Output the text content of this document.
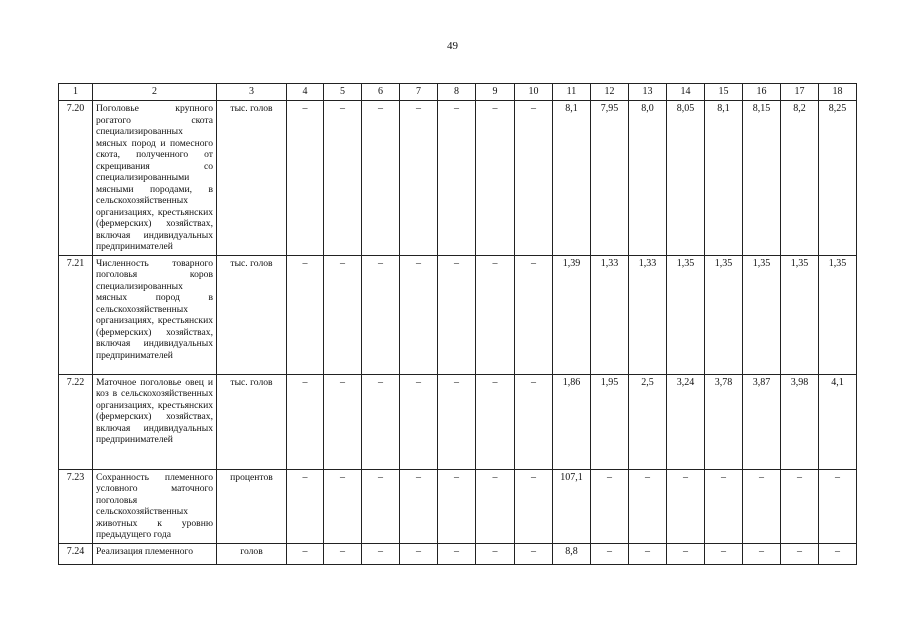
49
1	2	3	4	5	6	7	8	9	10	11	12	13	14	15	16	17	18
7.20	Поголовье крупного рогатого скота специализированных мясных пород и помесного скота, полученного от скрещивания со специализированными мясными породами, в сельскохозяйственных организациях, крестьянских (фермерских) хозяйствах, включая индивидуальных предпринимателей	тыс. голов	–	–	–	–	–	–	–	8,1	7,95	8,0	8,05	8,1	8,15	8,2	8,25
7.21	Численность товарного поголовья коров специализированных мясных пород в сельскохозяйственных организациях, крестьянских (фермерских) хозяйствах, включая индивидуальных предпринимателей	тыс. голов	–	–	–	–	–	–	–	1,39	1,33	1,33	1,35	1,35	1,35	1,35	1,35
7.22	Маточное поголовье овец и коз в сельскохозяйственных организациях, крестьянских (фермерских) хозяйствах, включая индивидуальных предпринимателей	тыс. голов	–	–	–	–	–	–	–	1,86	1,95	2,5	3,24	3,78	3,87	3,98	4,1
7.23	Сохранность племенного условного маточного поголовья сельскохозяйственных животных к уровню предыдущего года	процентов	–	–	–	–	–	–	–	107,1	–	–	–	–	–	–	–
7.24	Реализация племенного	голов	–	–	–	–	–	–	–	8,8	–	–	–	–	–	–	–
